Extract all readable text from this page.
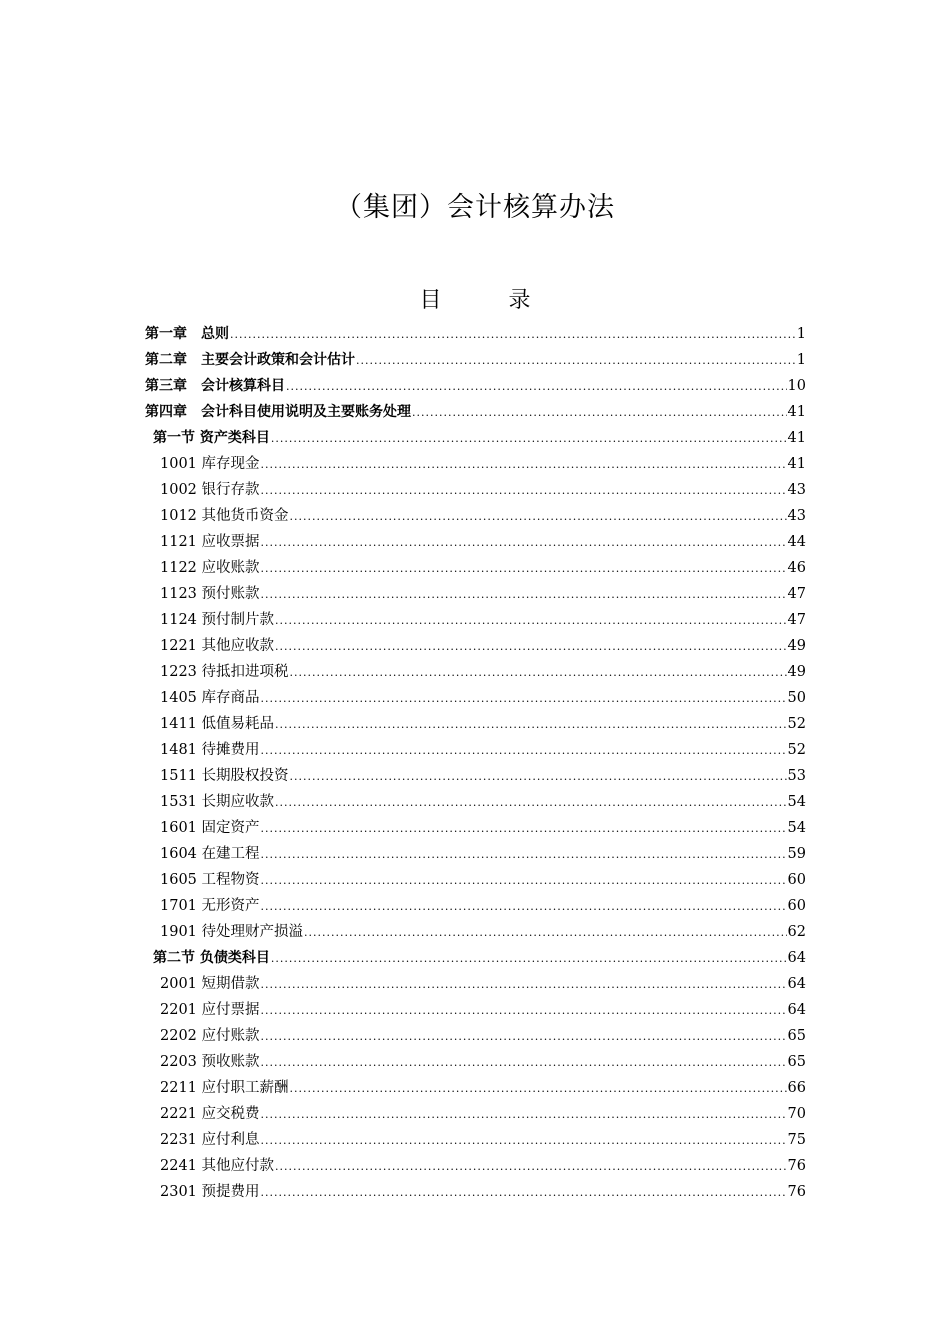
（集团）会计核算办法
目 录
第一章　总则 .....	1
第二章　主要会计政策和会计估计 .....	1
第三章　会计核算科目 .....	10
第四章　会计科目使用说明及主要账务处理 .....	41
第一节 资产类科目 .....	41
1001 库存现金 .....	41
1002 银行存款 .....	43
1012 其他货币资金 .....	43
1121 应收票据 .....	44
1122 应收账款 .....	46
1123 预付账款 .....	47
1124 预付制片款 .....	47
1221 其他应收款 .....	49
1223 待抵扣进项税 .....	49
1405 库存商品 .....	50
1411 低值易耗品 .....	52
1481 待摊费用 .....	52
1511 长期股权投资 .....	53
1531 长期应收款 .....	54
1601 固定资产 .....	54
1604 在建工程 .....	59
1605 工程物资 .....	60
1701 无形资产 .....	60
1901 待处理财产损溢 .....	62
第二节 负债类科目 .....	64
2001 短期借款 .....	64
2201 应付票据 .....	64
2202 应付账款 .....	65
2203 预收账款 .....	65
2211 应付职工薪酬 .....	66
2221 应交税费 .....	70
2231 应付利息 .....	75
2241 其他应付款 .....	76
2301 预提费用 .....	76
